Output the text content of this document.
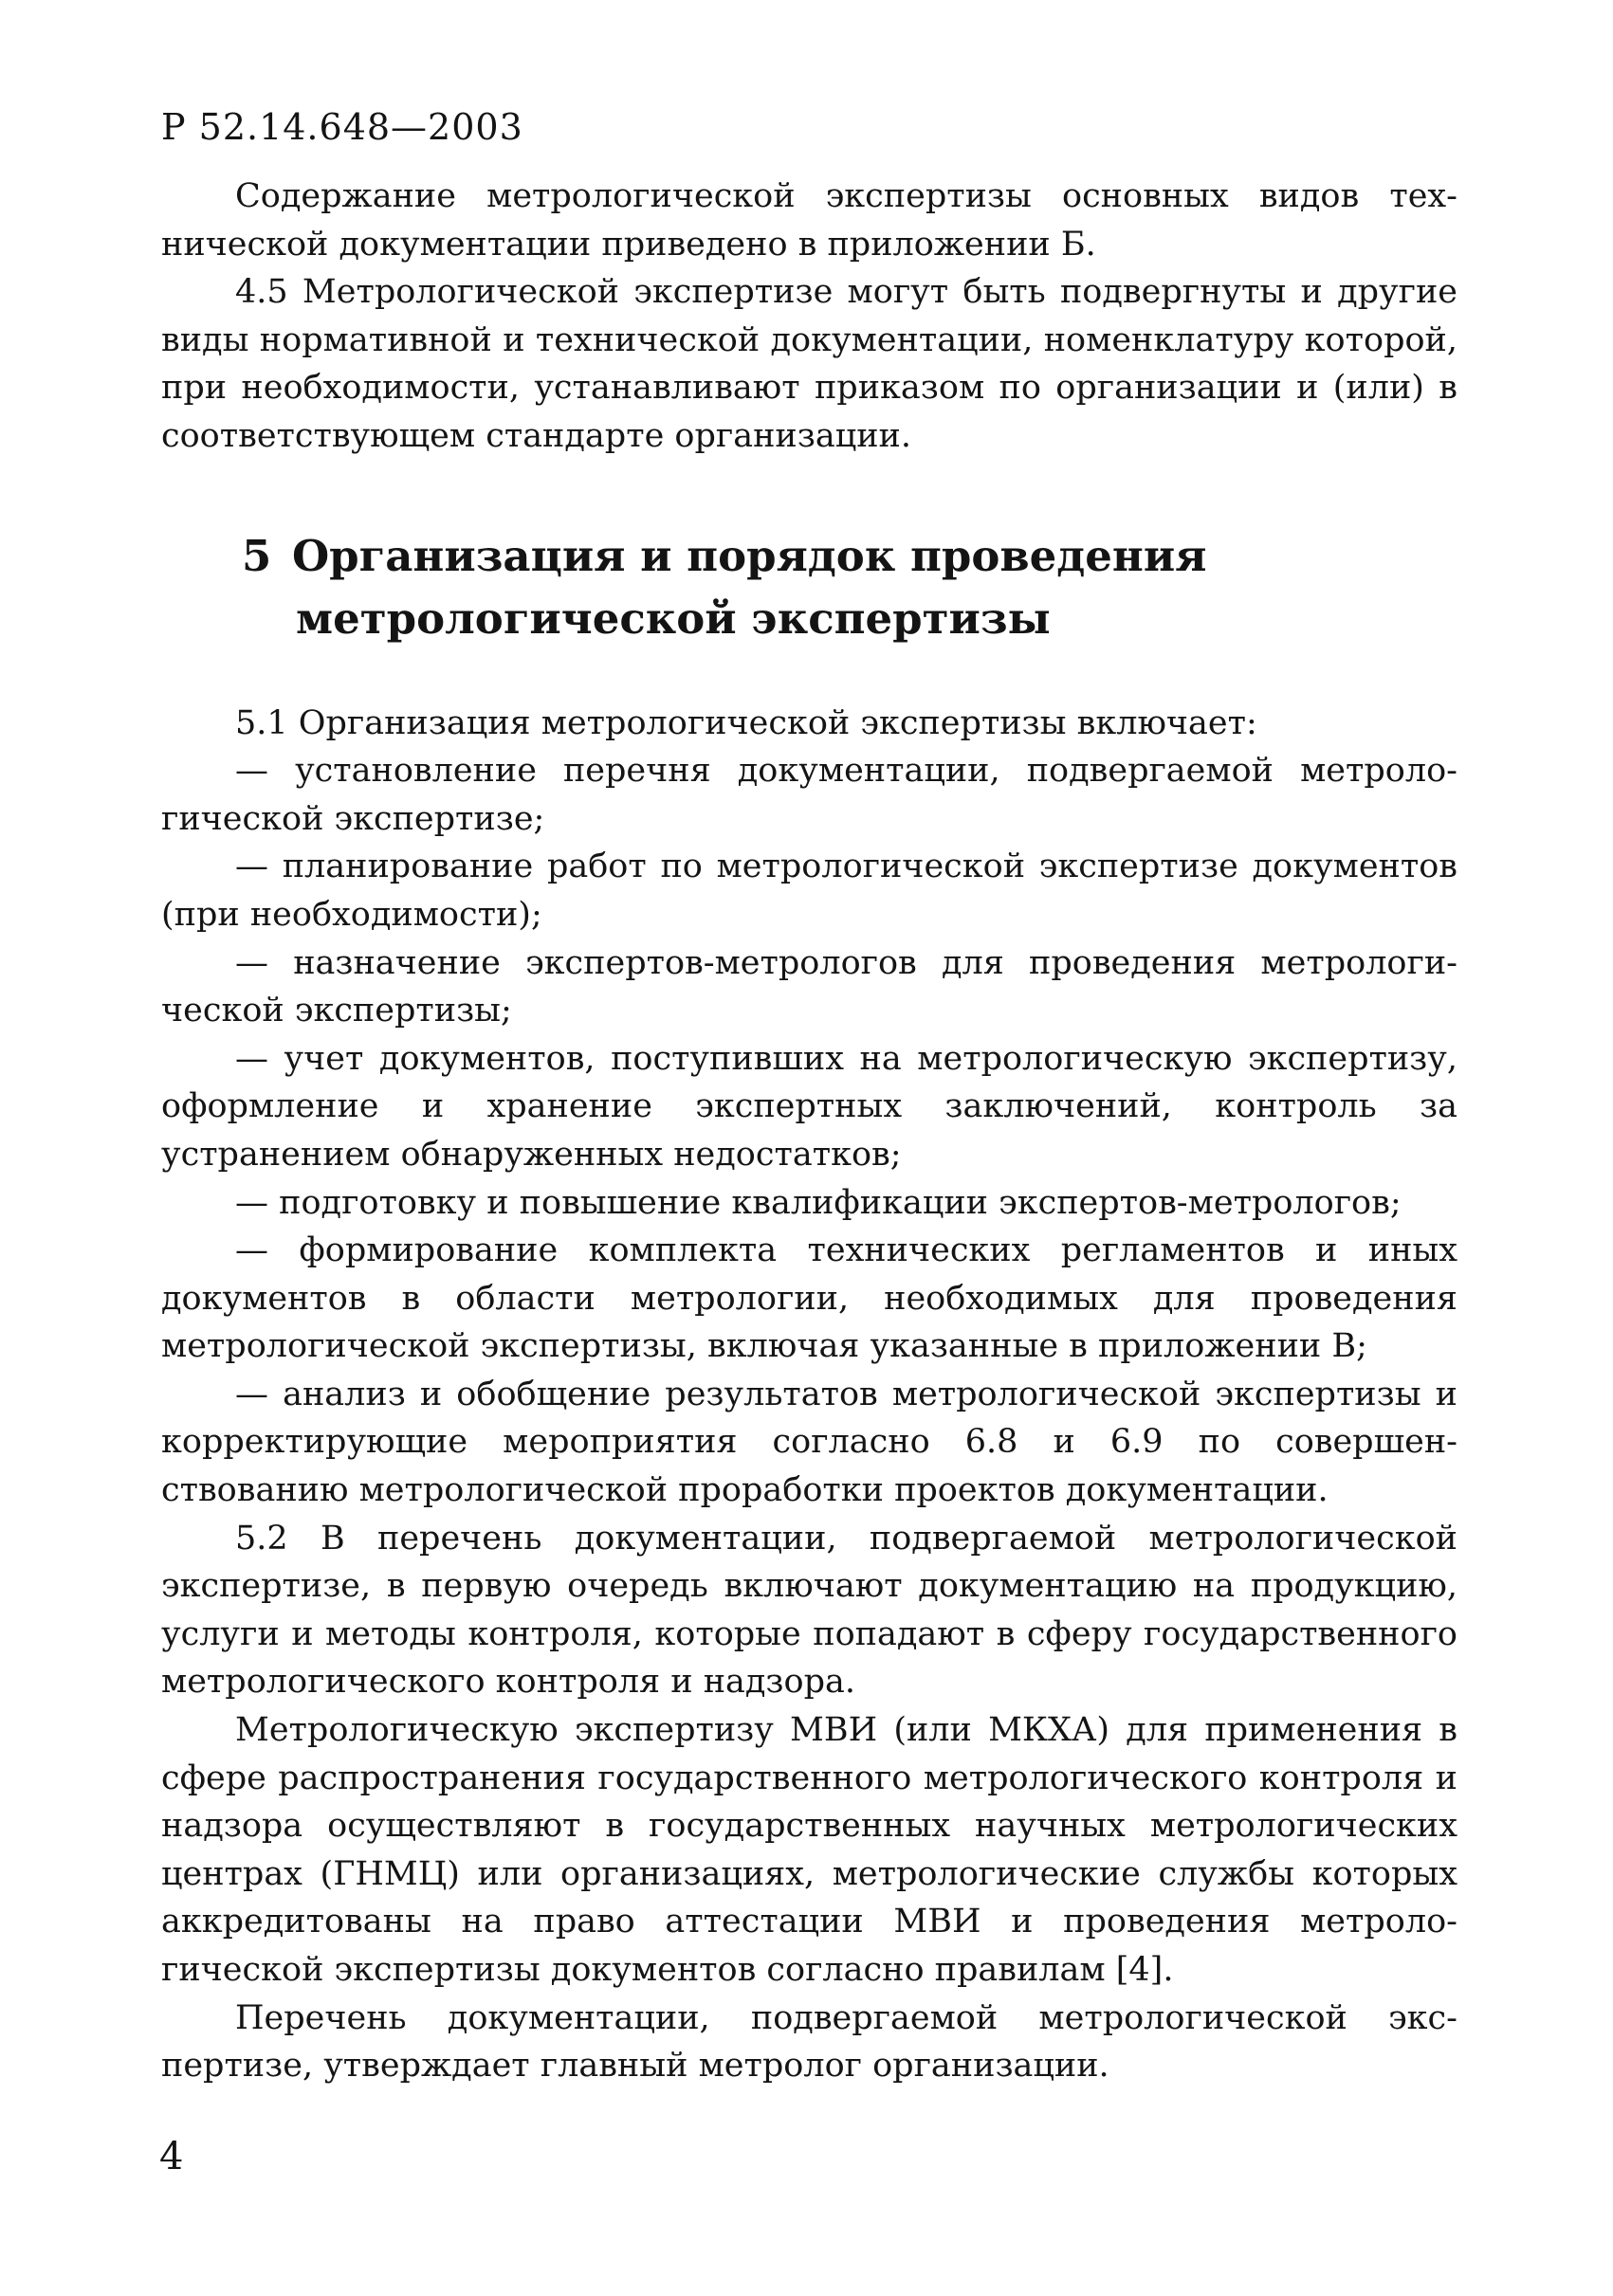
Р 52.14.648—2003

Содержание метрологической экспертизы основных видов технической документации приведено в приложении Б.

4.5 Метрологической экспертизе могут быть подвергнуты и другие виды нормативной и технической документации, номенклатуру которой, при необходимости, устанавливают приказом по организации и (или) в соответствующем стандарте организации.

5 Организация и порядок проведения
метрологической экспертизы

5.1 Организация метрологической экспертизы включает:

— установление перечня документации, подвергаемой метрологической экспертизе;

— планирование работ по метрологической экспертизе документов (при необходимости);

— назначение экспертов-метрологов для проведения метрологической экспертизы;

— учет документов, поступивших на метрологическую экспертизу, оформление и хранение экспертных заключений, контроль за устранением обнаруженных недостатков;

— подготовку и повышение квалификации экспертов-метрологов;

— формирование комплекта технических регламентов и иных документов в области метрологии, необходимых для проведения метрологической экспертизы, включая указанные в приложении В;

— анализ и обобщение результатов метрологической экспертизы и корректирующие мероприятия согласно 6.8 и 6.9 по совершенствованию метрологической проработки проектов документации.

5.2 В перечень документации, подвергаемой метрологической экспертизе, в первую очередь включают документацию на продукцию, услуги и методы контроля, которые попадают в сферу государственного метрологического контроля и надзора.

Метрологическую экспертизу МВИ (или МКХА) для применения в сфере распространения государственного метрологического контроля и надзора осуществляют в государственных научных метрологических центрах (ГНМЦ) или организациях, метрологические службы которых аккредитованы на право аттестации МВИ и проведения метрологической экспертизы документов согласно правилам [4].

Перечень документации, подвергаемой метрологической экспертизе, утверждает главный метролог организации.

4
